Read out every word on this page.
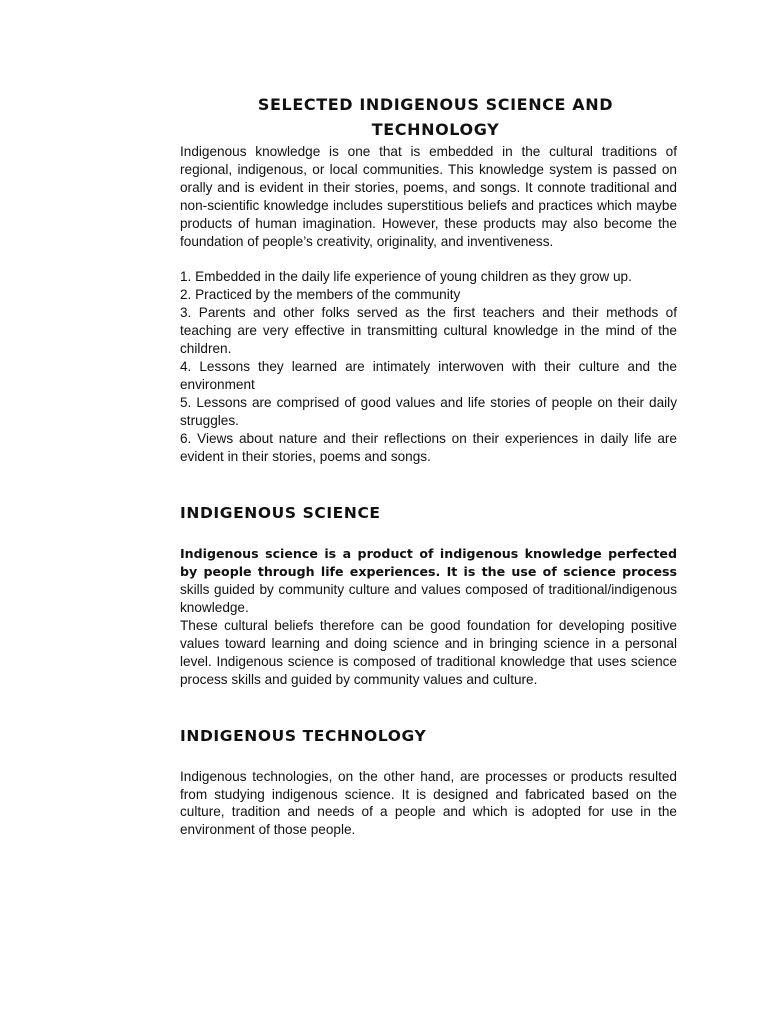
SELECTED INDIGENOUS SCIENCE AND
TECHNOLOGY

Indigenous knowledge is one that is embedded in the cultural traditions of regional, indigenous, or local communities. This knowledge system is passed on orally and is evident in their stories, poems, and songs. It connote traditional and non-scientific knowledge includes superstitious beliefs and practices which maybe products of human imagination. However, these products may also become the foundation of people’s creativity, originality, and inventiveness.

1. Embedded in the daily life experience of young children as they grow up.
2. Practiced by the members of the community
3. Parents and other folks served as the first teachers and their methods of teaching are very effective in transmitting cultural knowledge in the mind of the children.
4. Lessons they learned are intimately interwoven with their culture and the environment
5. Lessons are comprised of good values and life stories of people on their daily struggles.
6. Views about nature and their reflections on their experiences in daily life are evident in their stories, poems and songs.
INDIGENOUS SCIENCE

Indigenous science is a product of indigenous knowledge perfected by people through life experiences. It is the use of science process skills guided by community culture and values composed of traditional/indigenous knowledge.

These cultural beliefs therefore can be good foundation for developing positive values toward learning and doing science and in bringing science in a personal level. Indigenous science is composed of traditional knowledge that uses science process skills and guided by community values and culture.

INDIGENOUS TECHNOLOGY

Indigenous technologies, on the other hand, are processes or products resulted from studying indigenous science. It is designed and fabricated based on the culture, tradition and needs of a people and which is adopted for use in the environment of those people.
